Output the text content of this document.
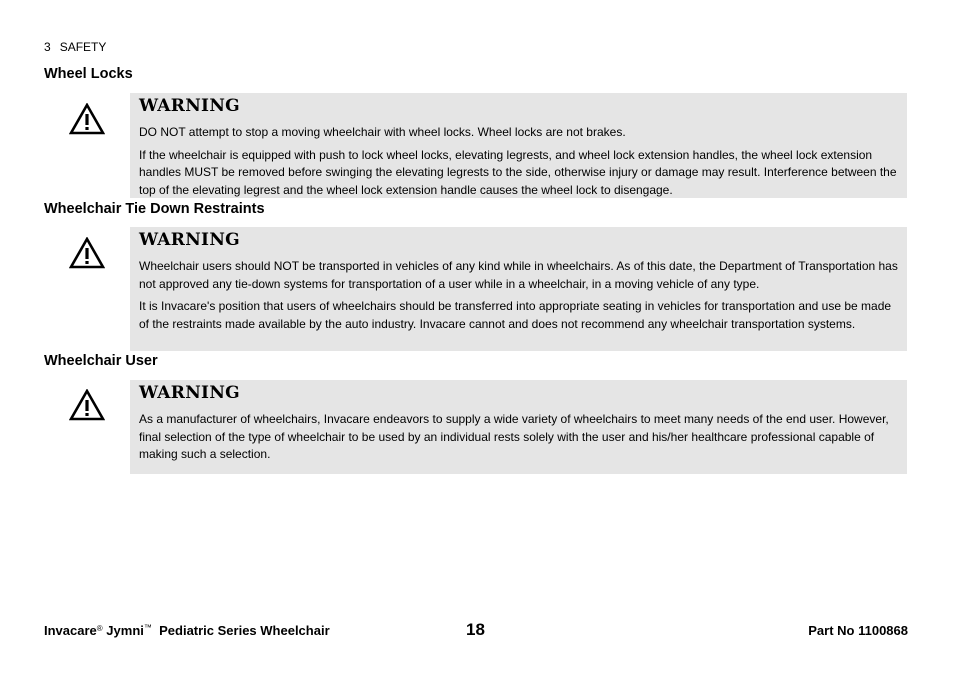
3 SAFETY
Wheel Locks
WARNING

DO NOT attempt to stop a moving wheelchair with wheel locks. Wheel locks are not brakes.

If the wheelchair is equipped with push to lock wheel locks, elevating legrests, and wheel lock extension handles, the wheel lock extension handles MUST be removed before swinging the elevating legrests to the side, otherwise injury or damage may result. Interference between the top of the elevating legrest and the wheel lock extension handle causes the wheel lock to disengage.

Wheelchair Tie Down Restraints
WARNING

Wheelchair users should NOT be transported in vehicles of any kind while in wheelchairs. As of this date, the Department of Transportation has not approved any tie-down systems for transportation of a user while in a wheelchair, in a moving vehicle of any type.

It is Invacare's position that users of wheelchairs should be transferred into appropriate seating in vehicles for transportation and use be made of the restraints made available by the auto industry. Invacare cannot and does not recommend any wheelchair transportation systems.

Wheelchair User
WARNING

As a manufacturer of wheelchairs, Invacare endeavors to supply a wide variety of wheelchairs to meet many needs of the end user. However, final selection of the type of wheelchair to be used by an individual rests solely with the user and his/her healthcare professional capable of making such a selection.

Invacare® Jymni™ Pediatric Series Wheelchair	18	Part No 1100868
